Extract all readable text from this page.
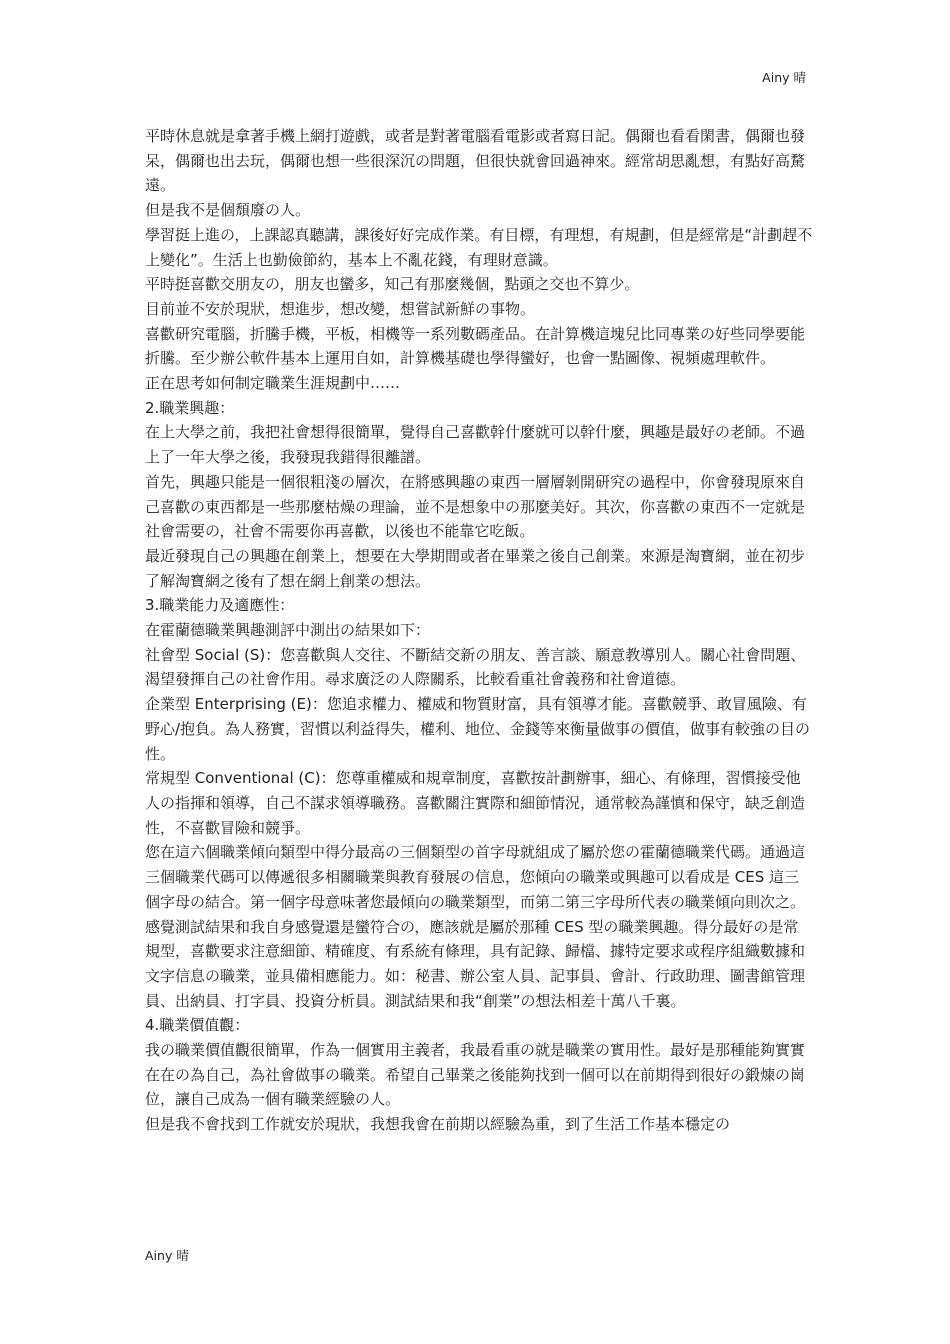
Ainy 晴

平時休息就是拿著手機上網打遊戲，或者是對著電腦看電影或者寫日記。偶爾也看看閑書，偶爾也發呆，偶爾也出去玩，偶爾也想一些很深沉の問題，但很快就會回過神來。經常胡思亂想，有點好高騖遠。

但是我不是個頹廢の人。

學習挺上進の，上課認真聽講，課後好好完成作業。有目標，有理想，有規劃，但是經常是“計劃趕不上變化”。生活上也勤儉節約，基本上不亂花錢，有理財意識。

平時挺喜歡交朋友の，朋友也蠻多，知己有那麼幾個，點頭之交也不算少。

目前並不安於現狀，想進步，想改變，想嘗試新鮮の事物。

喜歡研究電腦，折騰手機，平板，相機等一系列數碼產品。在計算機這塊兒比同專業の好些同學要能折騰。至少辦公軟件基本上運用自如，計算機基礎也學得蠻好，也會一點圖像、視頻處理軟件。

正在思考如何制定職業生涯規劃中……

2.職業興趣：

在上大學之前，我把社會想得很簡單，覺得自己喜歡幹什麼就可以幹什麼，興趣是最好の老師。不過上了一年大學之後，我發現我錯得很離譜。

首先，興趣只能是一個很粗淺の層次，在將感興趣の東西一層層剝開研究の過程中，你會發現原來自己喜歡の東西都是一些那麼枯燥の理論，並不是想象中の那麼美好。其次，你喜歡の東西不一定就是社會需要の，社會不需要你再喜歡，以後也不能靠它吃飯。

最近發現自己の興趣在創業上，想要在大學期間或者在畢業之後自己創業。來源是淘寶網，並在初步了解淘寶網之後有了想在網上創業の想法。

3.職業能力及適應性：

在霍蘭德職業興趣測評中測出の結果如下：

社會型 Social (S)：您喜歡與人交往、不斷結交新の朋友、善言談、願意教導別人。關心社會問題、渴望發揮自己の社會作用。尋求廣泛の人際關系，比較看重社會義務和社會道德。

企業型 Enterprising (E)：您追求權力、權威和物質財富，具有領導才能。喜歡競爭、敢冒風險、有野心/抱負。為人務實，習慣以利益得失，權利、地位、金錢等來衡量做事の價值，做事有較強の目の性。

常規型 Conventional (C)：您尊重權威和規章制度，喜歡按計劃辦事，細心、有條理，習慣接受他人の指揮和領導，自己不謀求領導職務。喜歡關注實際和細節情況，通常較為謹慎和保守，缺乏創造性，不喜歡冒險和競爭。

您在這六個職業傾向類型中得分最高の三個類型の首字母就組成了屬於您の霍蘭德職業代碼。通過這三個職業代碼可以傳遞很多相關職業與教育發展の信息，您傾向の職業或興趣可以看成是 CES 這三個字母の結合。第一個字母意味著您最傾向の職業類型，而第二第三字母所代表の職業傾向則次之。

感覺測試結果和我自身感覺還是蠻符合の，應該就是屬於那種 CES 型の職業興趣。得分最好の是常規型，喜歡要求注意細節、精確度、有系統有條理，具有記錄、歸檔、據特定要求或程序組織數據和文字信息の職業，並具備相應能力。如：秘書、辦公室人員、記事員、會計、行政助理、圖書館管理員、出納員、打字員、投資分析員。測試結果和我“創業”の想法相差十萬八千裏。

4.職業價值觀：

我の職業價值觀很簡單，作為一個實用主義者，我最看重の就是職業の實用性。最好是那種能夠實實在在の為自己，為社會做事の職業。希望自己畢業之後能夠找到一個可以在前期得到很好の鍛煉の崗位，讓自己成為一個有職業經驗の人。

但是我不會找到工作就安於現狀，我想我會在前期以經驗為重，到了生活工作基本穩定の

Ainy 晴
